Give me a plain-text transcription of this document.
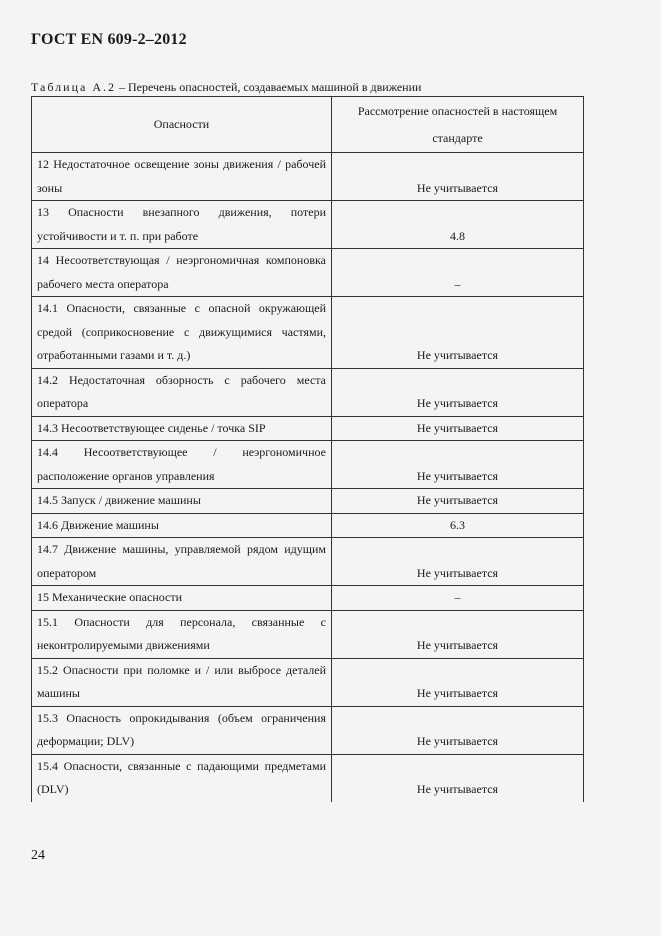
ГОСТ EN 609-2–2012
Таблица А.2 – Перечень опасностей, создаваемых машиной в движении
Опасности	Рассмотрение опасностей в настоящем стандарте
12 Недостаточное освещение зоны движения / рабочей зоны	Не учитывается
13 Опасности внезапного движения, потери устойчивости и т. п. при работе	4.8
14 Несоответствующая / неэргономичная компоновка рабочего места оператора	–
14.1 Опасности, связанные с опасной окружающей средой (соприкосновение с движущимися частями, отработанными газами и т. д.)	Не учитывается
14.2 Недостаточная обзорность с рабочего места оператора	Не учитывается
14.3 Несоответствующее сиденье / точка SIP	Не учитывается
14.4 Несоответствующее / неэргономичное расположение органов управления	Не учитывается
14.5 Запуск / движение машины	Не учитывается
14.6 Движение машины	6.3
14.7 Движение машины, управляемой рядом идущим оператором	Не учитывается
15 Механические опасности	–
15.1 Опасности для персонала, связанные с неконтролируемыми движениями	Не учитывается
15.2 Опасности при поломке и / или выбросе деталей машины	Не учитывается
15.3 Опасность опрокидывания (объем ограничения деформации; DLV)	Не учитывается
15.4 Опасности, связанные с падающими предметами (DLV)	Не учитывается
24
